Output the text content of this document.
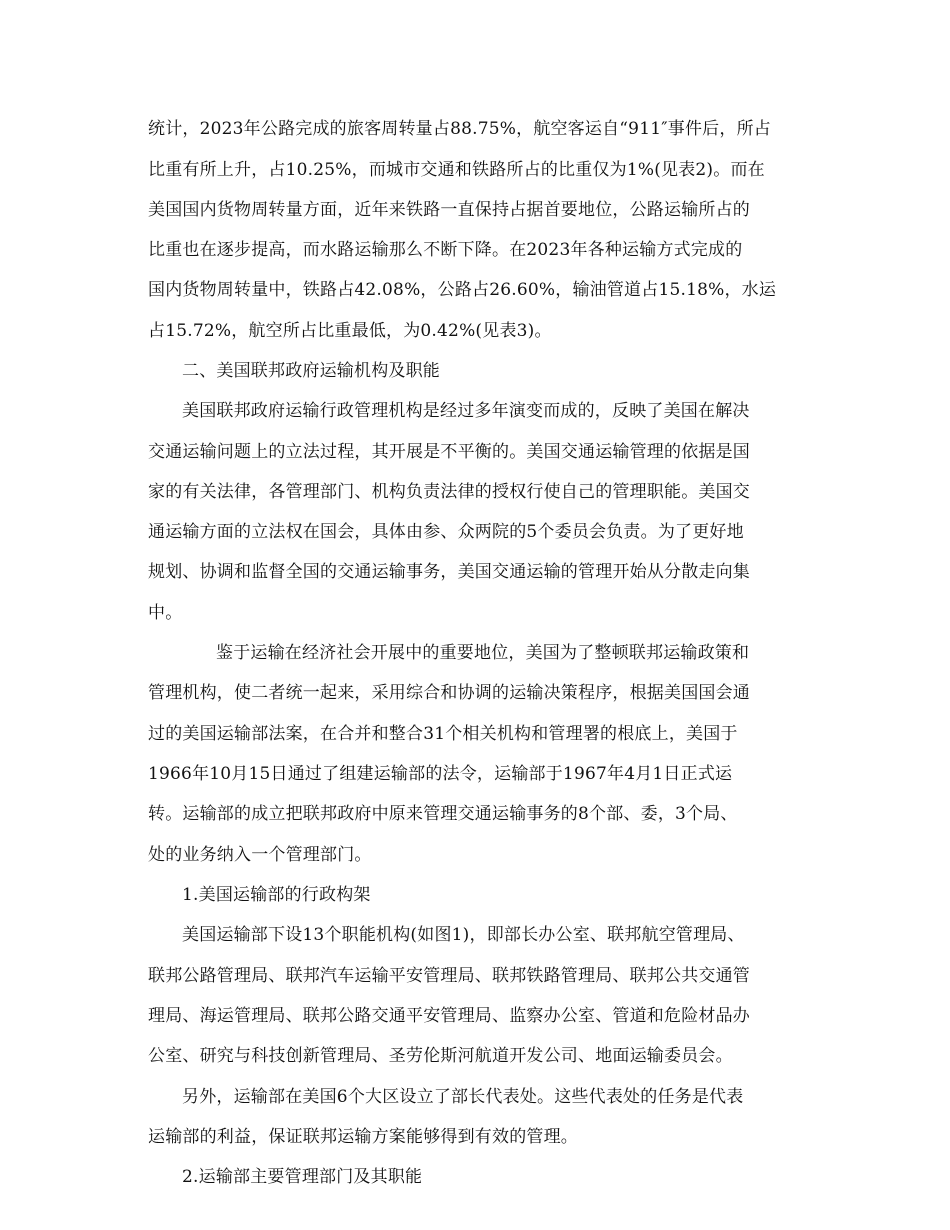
统计，2023年公路完成的旅客周转量占88.75%，航空客运自“911″事件后，所占
比重有所上升，占10.25%，而城市交通和铁路所占的比重仅为1%(见表2)。而在
美国国内货物周转量方面，近年来铁路一直保持占据首要地位，公路运输所占的
比重也在逐步提高，而水路运输那么不断下降。在2023年各种运输方式完成的
国内货物周转量中，铁路占42.08%，公路占26.60%，输油管道占15.18%，水运
占15.72%，航空所占比重最低，为0.42%(见表3)。
二、美国联邦政府运输机构及职能
美国联邦政府运输行政管理机构是经过多年演变而成的，反映了美国在解决
交通运输问题上的立法过程，其开展是不平衡的。美国交通运输管理的依据是国
家的有关法律，各管理部门、机构负责法律的授权行使自己的管理职能。美国交
通运输方面的立法权在国会，具体由参、众两院的5个委员会负责。为了更好地
规划、协调和监督全国的交通运输事务，美国交通运输的管理开始从分散走向集
中。
鉴于运输在经济社会开展中的重要地位，美国为了整顿联邦运输政策和
管理机构，使二者统一起来，采用综合和协调的运输决策程序，根据美国国会通
过的美国运输部法案，在合并和整合31个相关机构和管理署的根底上，美国于
1966年10月15日通过了组建运输部的法令，运输部于1967年4月1日正式运
转。运输部的成立把联邦政府中原来管理交通运输事务的8个部、委，3个局、
处的业务纳入一个管理部门。
1.美国运输部的行政构架
美国运输部下设13个职能机构(如图1)，即部长办公室、联邦航空管理局、
联邦公路管理局、联邦汽车运输平安管理局、联邦铁路管理局、联邦公共交通管
理局、海运管理局、联邦公路交通平安管理局、监察办公室、管道和危险材品办
公室、研究与科技创新管理局、圣劳伦斯河航道开发公司、地面运输委员会。
另外，运输部在美国6个大区设立了部长代表处。这些代表处的任务是代表
运输部的利益，保证联邦运输方案能够得到有效的管理。
2.运输部主要管理部门及其职能
